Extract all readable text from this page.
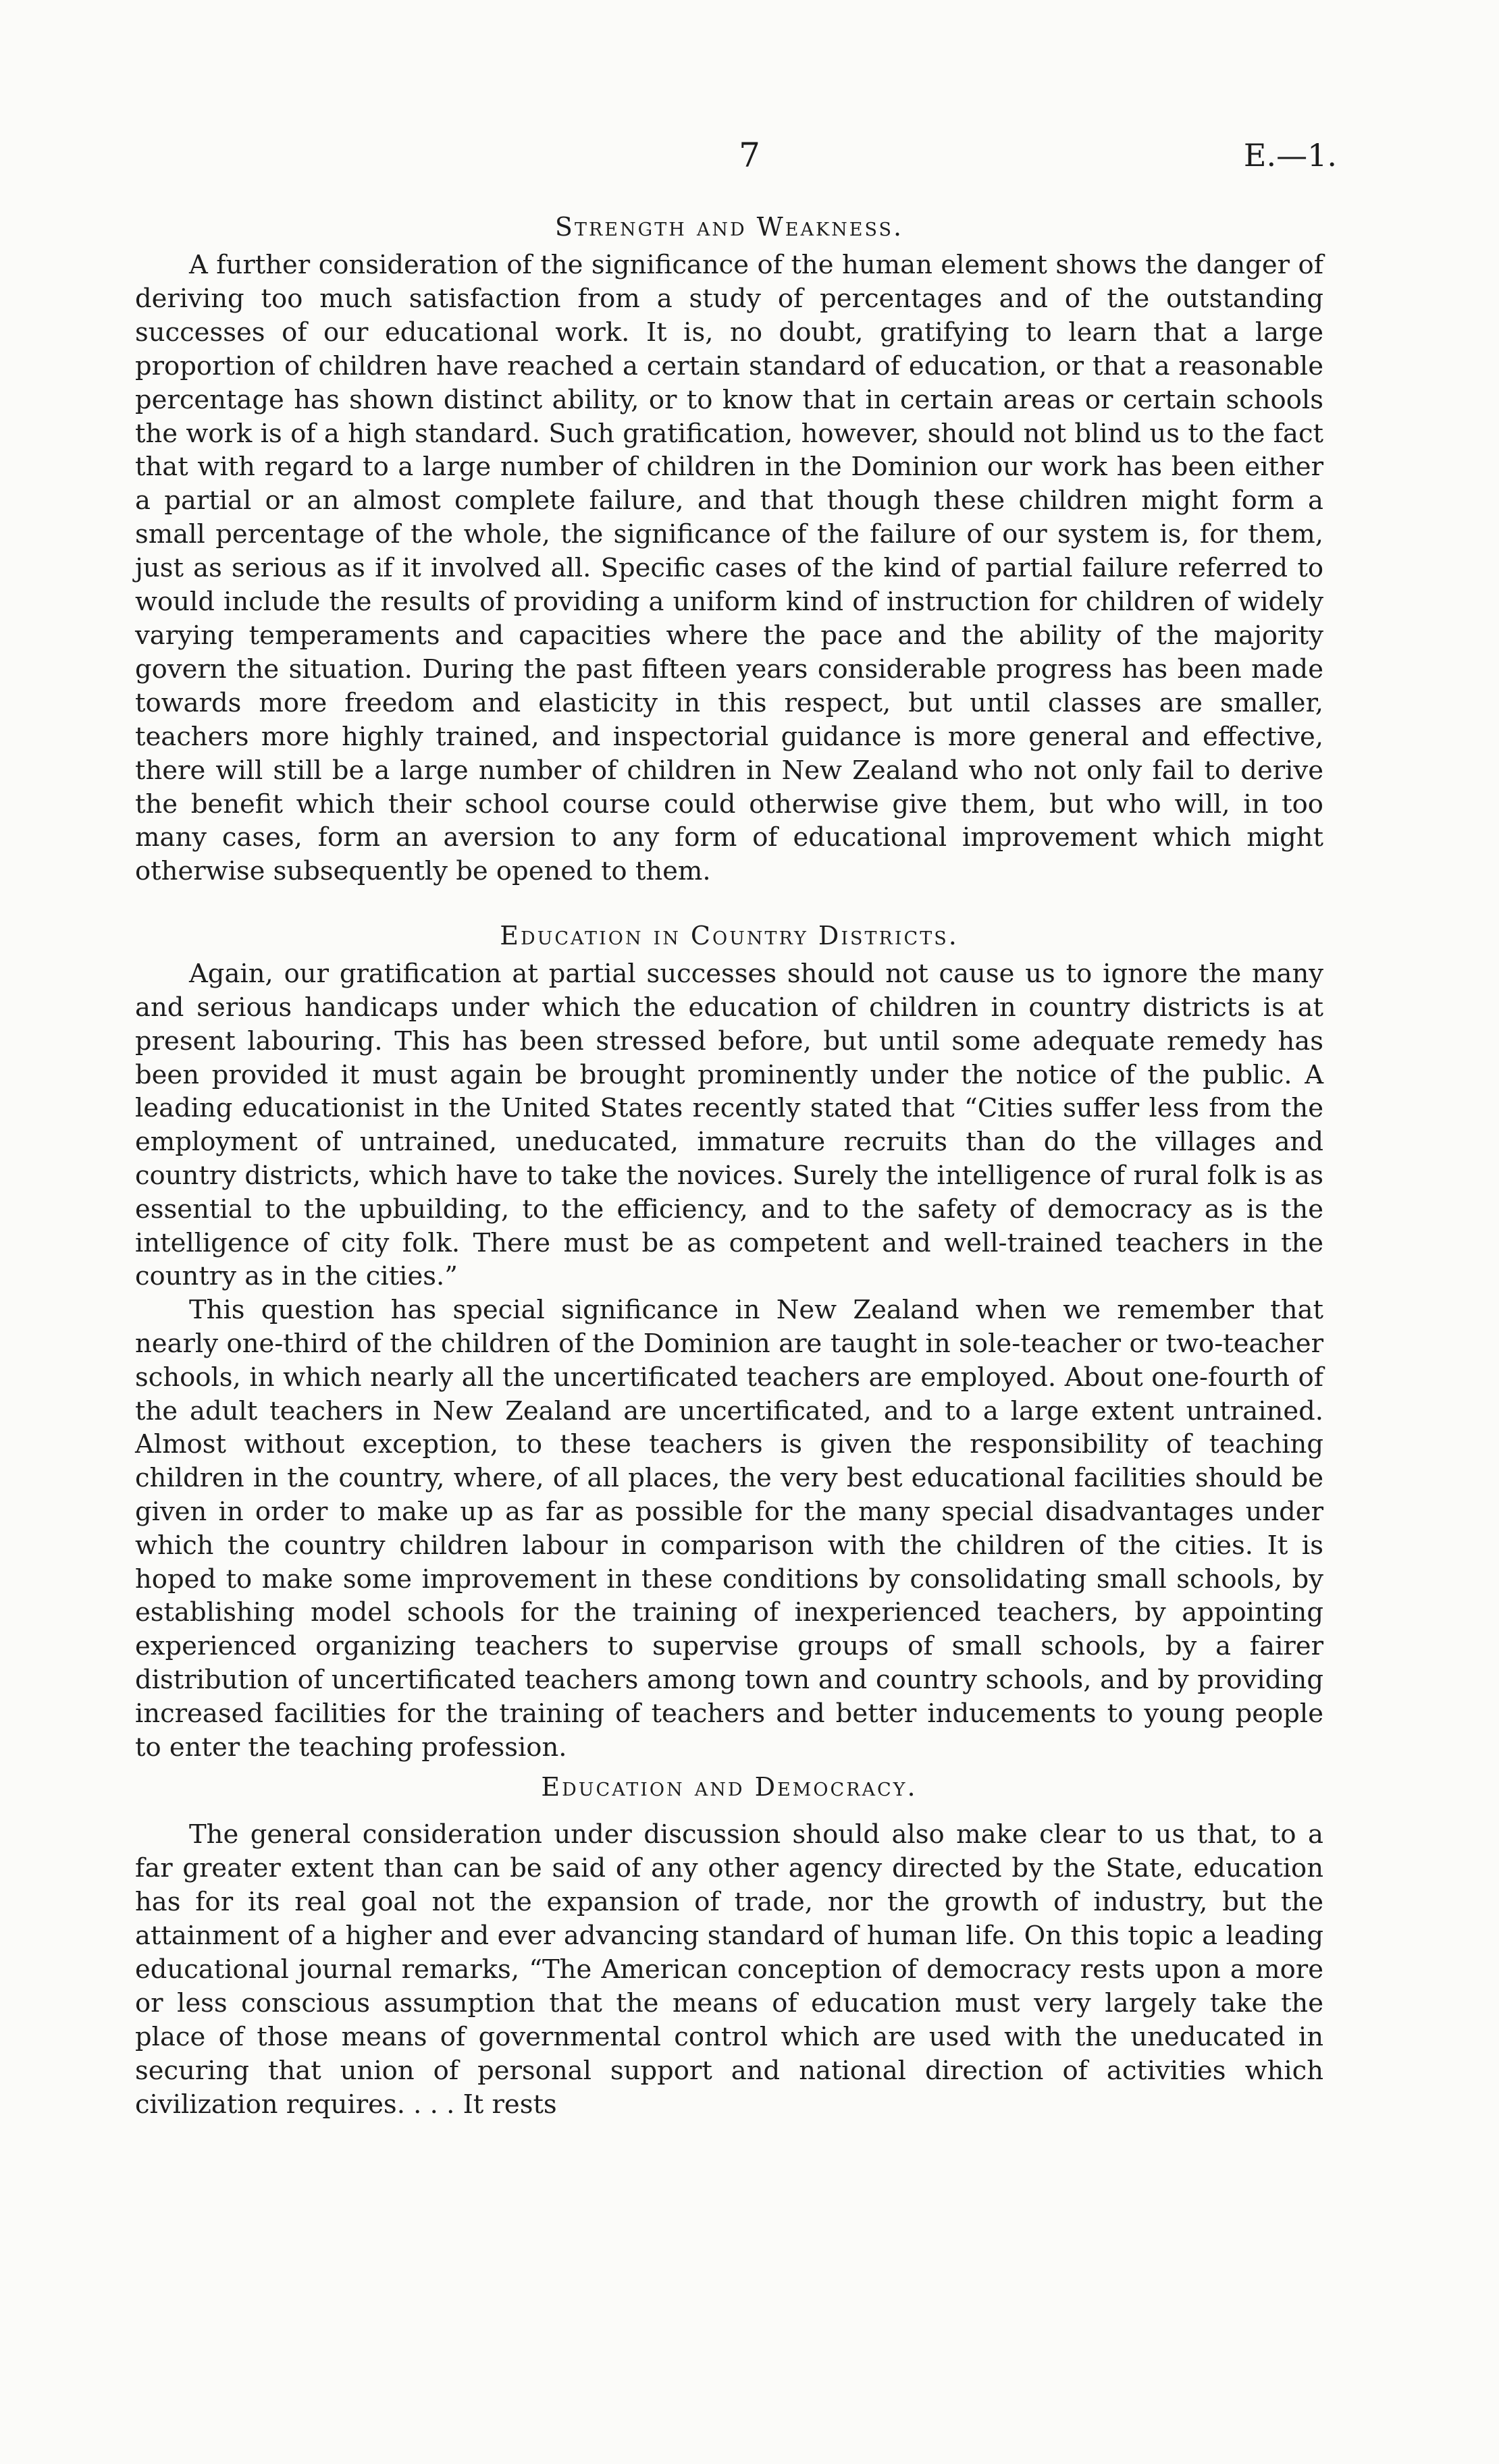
7	E.—1.
Strength and Weakness.

A further consideration of the significance of the human element shows the danger of deriving too much satisfaction from a study of percentages and of the outstanding successes of our educational work. It is, no doubt, gratifying to learn that a large proportion of children have reached a certain standard of education, or that a reasonable percentage has shown distinct ability, or to know that in certain areas or certain schools the work is of a high standard. Such gratification, however, should not blind us to the fact that with regard to a large number of children in the Dominion our work has been either a partial or an almost complete failure, and that though these children might form a small percentage of the whole, the significance of the failure of our system is, for them, just as serious as if it involved all. Specific cases of the kind of partial failure referred to would include the results of providing a uniform kind of instruction for children of widely varying temperaments and capacities where the pace and the ability of the majority govern the situation. During the past fifteen years considerable progress has been made towards more freedom and elasticity in this respect, but until classes are smaller, teachers more highly trained, and inspectorial guidance is more general and effective, there will still be a large number of children in New Zealand who not only fail to derive the benefit which their school course could otherwise give them, but who will, in too many cases, form an aversion to any form of educational improvement which might otherwise subsequently be opened to them.

Education in Country Districts.

Again, our gratification at partial successes should not cause us to ignore the many and serious handicaps under which the education of children in country districts is at present labouring. This has been stressed before, but until some adequate remedy has been provided it must again be brought prominently under the notice of the public. A leading educationist in the United States recently stated that “Cities suffer less from the employment of untrained, uneducated, immature recruits than do the villages and country districts, which have to take the novices. Surely the intelligence of rural folk is as essential to the upbuilding, to the efficiency, and to the safety of democracy as is the intelligence of city folk. There must be as competent and well-trained teachers in the country as in the cities.”

This question has special significance in New Zealand when we remember that nearly one-third of the children of the Dominion are taught in sole-teacher or two-teacher schools, in which nearly all the uncertificated teachers are employed. About one-fourth of the adult teachers in New Zealand are uncertificated, and to a large extent untrained. Almost without exception, to these teachers is given the responsibility of teaching children in the country, where, of all places, the very best educational facilities should be given in order to make up as far as possible for the many special disadvantages under which the country children labour in comparison with the children of the cities. It is hoped to make some improvement in these conditions by consolidating small schools, by establishing model schools for the training of inexperienced teachers, by appointing experienced organizing teachers to supervise groups of small schools, by a fairer distribution of uncertificated teachers among town and country schools, and by providing increased facilities for the training of teachers and better inducements to young people to enter the teaching profession.

Education and Democracy.

The general consideration under discussion should also make clear to us that, to a far greater extent than can be said of any other agency directed by the State, education has for its real goal not the expansion of trade, nor the growth of industry, but the attainment of a higher and ever advancing standard of human life. On this topic a leading educational journal remarks, “The American conception of democracy rests upon a more or less conscious assumption that the means of education must very largely take the place of those means of governmental control which are used with the uneducated in securing that union of personal support and national direction of activities which civilization requires. . . . It rests
